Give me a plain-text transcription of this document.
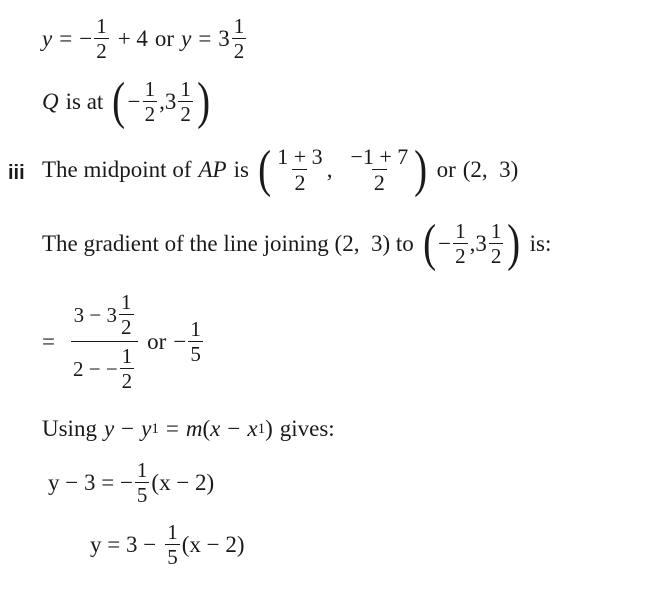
y = − $\frac{1}{2} + 4$ or $y = 3 \frac{1}{2}$
Q is at ( − $\frac{1}{2}$ , $3 \frac{1}{2}$ )
iii The midpoint of AP is ( $\frac{1 + 3}{2}$ , $\frac{-1 + 7}{2}$ ) or (2,  3)
The gradient of the line joining (2,  3) to ( − $\frac{1}{2}$ , $3 \frac{1}{2}$ ) is:
= $\frac{3 - 3 \frac{1}{2}}{2 - - \frac{1}{2}}$ or − $\frac{1}{5}$
Using y − y 1 = m ( x − x 1 ) gives:
y − 3 = − $\frac{1}{5} (x - 2)$
$y = 3 - \frac{1}{5} (x - 2)$
